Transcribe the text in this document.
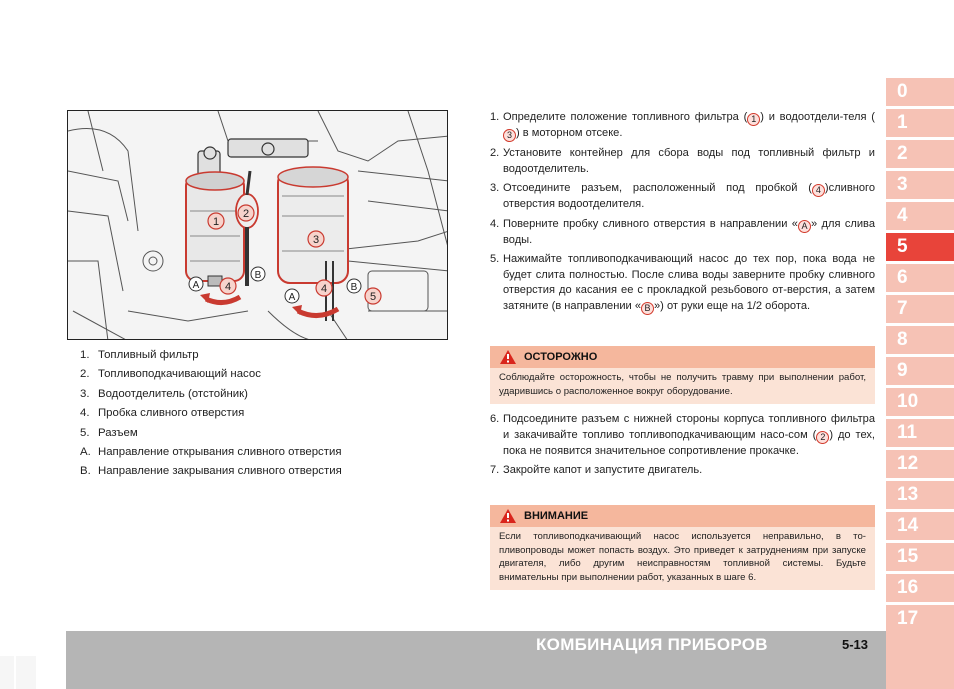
1
2
3
4	4
5
A
B
A
B
1. Топливный фильтр
2. Топливоподкачивающий насос
3. Водоотделитель (отстойник)
4. Пробка сливного отверстия
5. Разъем
A. Направление открывания сливного отверстия
B. Направление закрывания сливного отверстия
1. Определите положение топливного фильтра ( 1 ) и водоотдели-теля (3 ) в моторном отсеке.
2. Установите контейнер для сбора воды под топливный фильтр и водоотделитель.
3. Отсоедините разъем, расположенный под пробкой ( 4 )сливного отверстия водоотделителя.
4. Поверните пробку сливного отверстия в направлении « A » для слива воды.
5. Нажимайте топливоподкачивающий насос до тех пор, пока вода не будет слита полностью. После слива воды заверните пробку сливного отверстия до касания ее с прокладкой резьбового от-верстия, а затем затяните (в направлении « B ») от руки еще на 1/2 оборота.
ОСТОРОЖНО
Соблюдайте осторожность, чтобы не получить травму при выполнении работ, ударившись о расположенное вокруг оборудование.
6. Подсоедините разъем с нижней стороны корпуса топливного фильтра и закачивайте топливо топливоподкачивающим насо-сом ( 2 ) до тех, пока не появится значительное сопротивление прокачке.
7. Закройте капот и запустите двигатель.
ВНИМАНИЕ
Если топливоподкачивающий насос используется неправильно, в то-пливопроводы может попасть воздух. Это приведет к затруднениям при запуске двигателя, либо другим неисправностям топливной системы. Будьте внимательны при выполнении работ, указанных в шаге 6.
0
1
2
3
4
5
6
7
8
9
10
11
12
13
14
15
16
17
КОМБИНАЦИЯ ПРИБОРОВ	5-13
